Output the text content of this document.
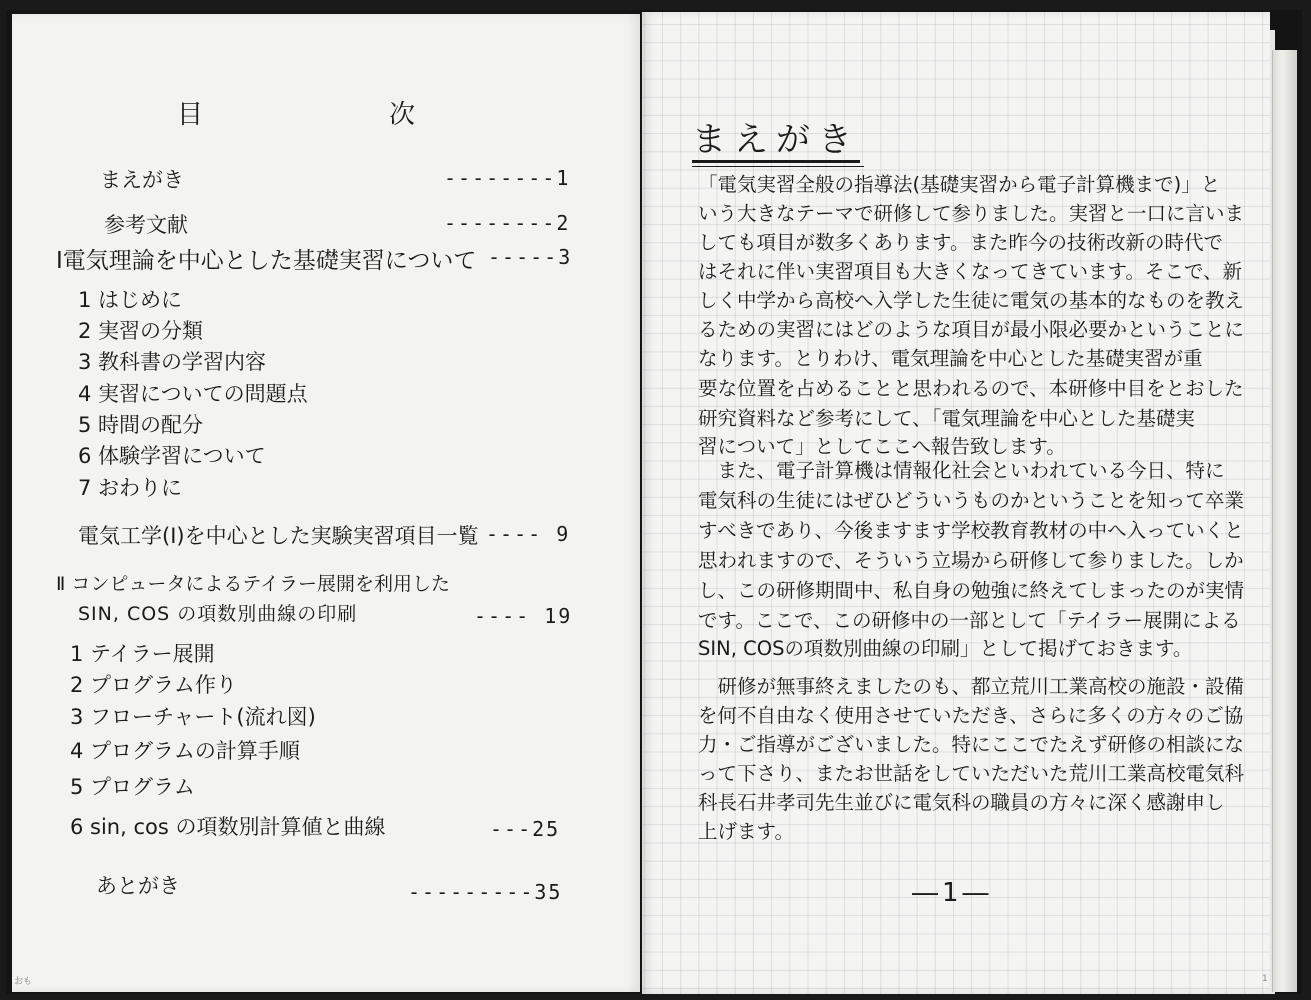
目　次
まえがき	--------1
参考文献	--------2
Ⅰ電気理論を中心とした基礎実習について -----3
1 はじめに
2 実習の分類
3 教科書の学習内容
4 実習についての問題点
5 時間の配分
6 体験学習について
7 おわりに
電気工学(Ⅰ)を中心とした実験実習項目一覧 ---- 9
Ⅱ コンピュータによるテイラー展開を利用した
SIN, COS の項数別曲線の印刷	---- 19
1 テイラー展開
2 プログラム作り
3 フローチャート(流れ図)
4 プログラムの計算手順
5 プログラム
6 sin, cos の項数別計算値と曲線	---25
あとがき	---------35
おも
まえがき
「電気実習全般の指導法(基礎実習から電子計算機まで)」と
いう大きなテーマで研修して参りました。実習と一口に言いま
しても項目が数多くあります。また昨今の技術改新の時代で
はそれに伴い実習項目も大きくなってきています。そこで、新
しく中学から高校へ入学した生徒に電気の基本的なものを教え
るための実習にはどのような項目が最小限必要かということに
なります。とりわけ、電気理論を中心とした基礎実習が重
要な位置を占めることと思われるので、本研修中目をとおした
研究資料など参考にして、「電気理論を中心とした基礎実
習について」としてここへ報告致します。
　また、電子計算機は情報化社会といわれている今日、特に
電気科の生徒にはぜひどういうものかということを知って卒業
すべきであり、今後ますます学校教育教材の中へ入っていくと
思われますので、そういう立場から研修して参りました。しか
し、この研修期間中、私自身の勉強に終えてしまったのが実情
です。ここで、この研修中の一部として「テイラー展開による
SIN, COSの項数別曲線の印刷」として掲げておきます。
　研修が無事終えましたのも、都立荒川工業高校の施設・設備
を何不自由なく使用させていただき、さらに多くの方々のご協
力・ご指導がございました。特にここでたえず研修の相談にな
って下さり、またお世話をしていただいた荒川工業高校電気科
科長石井孝司先生並びに電気科の職員の方々に深く感謝申し
上げます。
―1―
1
